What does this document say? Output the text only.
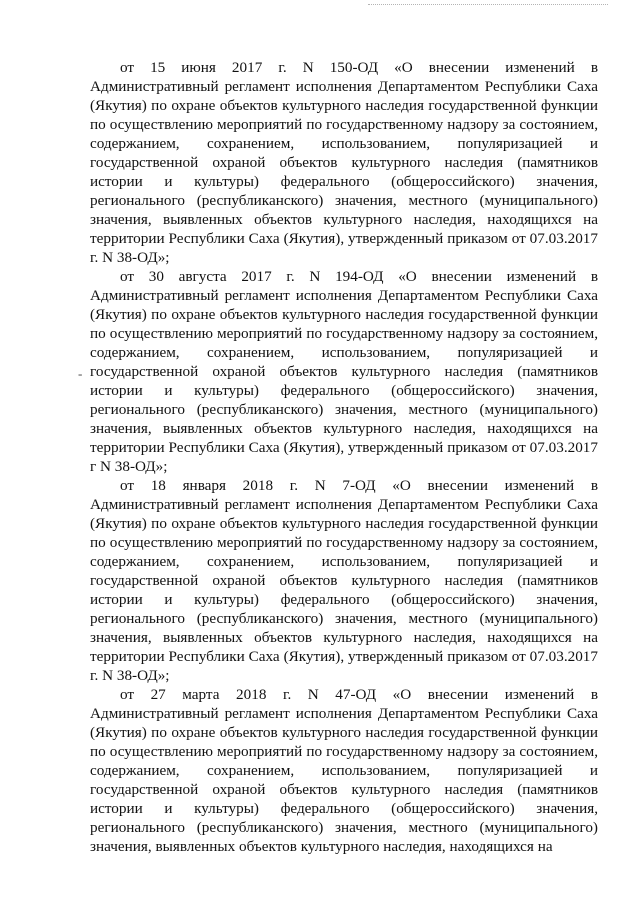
-

от 15 июня 2017 г. N 150-ОД «О внесении изменений в Административный регламент исполнения Департаментом Республики Саха (Якутия) по охране объектов культурного наследия государственной функции по осуществлению мероприятий по государственному надзору за состоянием, содержанием, сохранением, использованием, популяризацией и государственной охраной объектов культурного наследия (памятников истории и культуры) федерального (общероссийского) значения, регионального (республиканского) значения, местного (муниципального) значения, выявленных объектов культурного наследия, находящихся на территории Республики Саха (Якутия), утвержденный приказом от 07.03.2017 г. N 38-ОД»;

от 30 августа 2017 г. N 194-ОД «О внесении изменений в Административный регламент исполнения Департаментом Республики Саха (Якутия) по охране объектов культурного наследия государственной функции по осуществлению мероприятий по государственному надзору за состоянием, содержанием, сохранением, использованием, популяризацией и государственной охраной объектов культурного наследия (памятников истории и культуры) федерального (общероссийского) значения, регионального (республиканского) значения, местного (муниципального) значения, выявленных объектов культурного наследия, находящихся на территории Республики Саха (Якутия), утвержденный приказом от 07.03.2017 г N 38-ОД»;

от 18 января 2018 г. N 7-ОД «О внесении изменений в Административный регламент исполнения Департаментом Республики Саха (Якутия) по охране объектов культурного наследия государственной функции по осуществлению мероприятий по государственному надзору за состоянием, содержанием, сохранением, использованием, популяризацией и государственной охраной объектов культурного наследия (памятников истории и культуры) федерального (общероссийского) значения, регионального (республиканского) значения, местного (муниципального) значения, выявленных объектов культурного наследия, находящихся на территории Республики Саха (Якутия), утвержденный приказом от 07.03.2017 г. N 38-ОД»;

от 27 марта 2018 г. N 47-ОД «О внесении изменений в Административный регламент исполнения Департаментом Республики Саха (Якутия) по охране объектов культурного наследия государственной функции по осуществлению мероприятий по государственному надзору за состоянием, содержанием, сохранением, использованием, популяризацией и государственной охраной объектов культурного наследия (памятников истории и культуры) федерального (общероссийского) значения, регионального (республиканского) значения, местного (муниципального) значения, выявленных объектов культурного наследия, находящихся на
